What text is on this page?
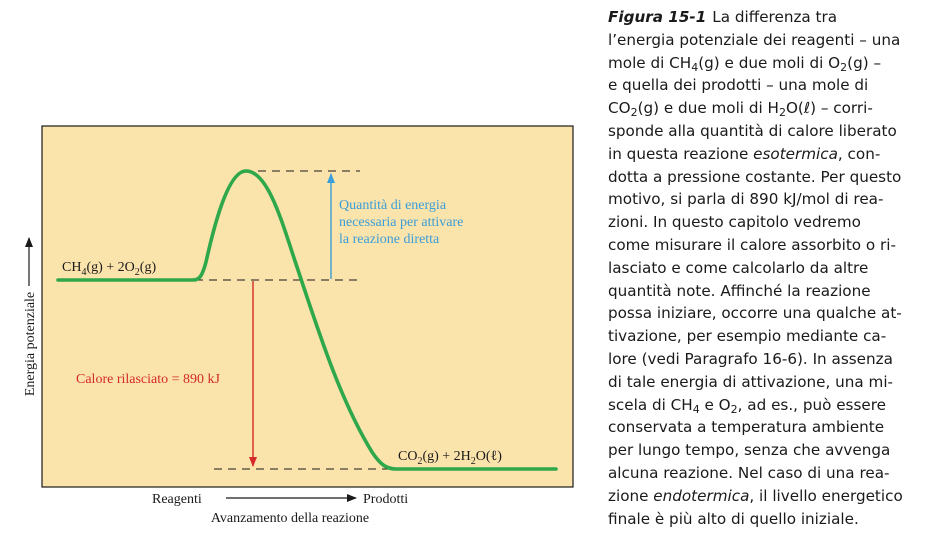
Energia potenziale
Quantità di energia necessaria per attivare la reazione diretta
Calore rilasciato = 890 kJ
$CH_4(g) + 2O_2(g)$
$CO_2(g)$ + $2H_2O(\ell)$
Reagenti	Prodotti
Avanzamento della reazione
Figura 15-1 La differenza tra
l’energia potenziale dei reagenti – una
mole di $CH_4(g)$ e due moli di $O_2(g)$ –
e quella dei prodotti – una mole di
$CO_2(g)$ e due moli di $H_2O(\ell)$ – corri-
sponde alla quantità di calore liberato
in questa reazione esotermica, con-
dotta a pressione costante. Per questo
motivo, si parla di 890 kJ/mol di rea-
zioni. In questo capitolo vedremo
come misurare il calore assorbito o ri-
lasciato e come calcolarlo da altre
quantità note. Affinché la reazione
possa iniziare, occorre una qualche at-
tivazione, per esempio mediante ca-
lore (vedi Paragrafo 16-6). In assenza
di tale energia di attivazione, una mi-
scela di $CH_4$ e $O_2$, ad es., può essere
conservata a temperatura ambiente
per lungo tempo, senza che avvenga
alcuna reazione. Nel caso di una rea-
zione endotermica, il livello energetico
finale è più alto di quello iniziale.
